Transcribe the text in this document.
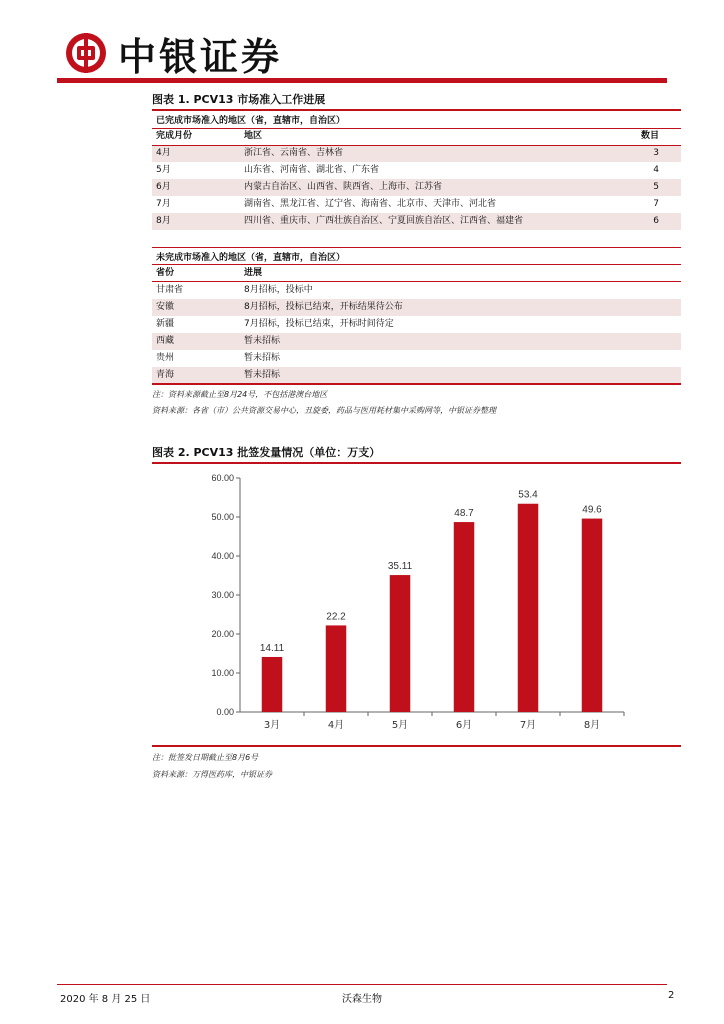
中银证券
图表 1. PCV13 市场准入工作进展
已完成市场准入的地区（省，直辖市，自治区）
完成月份	地区	数目
4月	浙江省、云南省、吉林省	3
5月	山东省、河南省、湖北省、广东省	4
6月	内蒙古自治区、山西省、陕西省、上海市、江苏省	5
7月	湖南省、黑龙江省、辽宁省、海南省、北京市、天津市、河北省	7
8月	四川省、重庆市、广西壮族自治区、宁夏回族自治区、江西省、福建省	6
未完成市场准入的地区（省，直辖市，自治区）
省份	进展
甘肃省	8月招标，投标中
安徽	8月招标，投标已结束，开标结果待公布
新疆	7月招标，投标已结束，开标时间待定
西藏	暂未招标
贵州	暂未招标
青海	暂未招标
注：资料来源截止至8月24号，不包括港澳台地区
资料来源：各省（市）公共资源交易中心，丑旋委，药品与医用耗材集中采购网等，中银证券整理
图表 2. PCV13 批签发量情况（单位：万支）
0.00
10.00
20.00
30.00
40.00
50.00
60.00
14.11
3月
22.2
4月
35.11
5月
48.7
6月
53.4
7月
49.6
8月
注：批签发日期截止至8月6号
资料来源：万得医药库，中银证券
2020 年 8 月 25 日	沃森生物	2
